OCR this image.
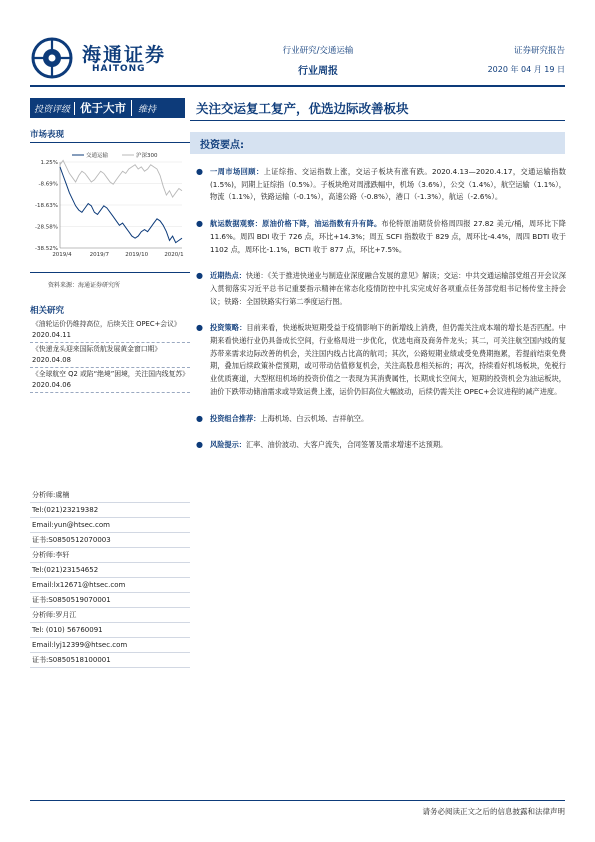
海通证券
HAITONG
行业研究/交通运输
行业周报
证券研究报告
2020 年 04 月 19 日
投资评级 优于大市	维持	关注交运复工复产，优选边际改善板块
市场表现
1.25%
-8.69%
-18.63%
-28.58%
-38.52%
2019/4	2019/7	2019/10	2020/1
交通运输	沪深300
资料来源：海通证券研究所
相关研究
《油轮运价仍维持高位，后续关注 OPEC+会议》2020.04.11
《快递龙头迎来国际货航发展黄金窗口期》2020.04.08
《全球航空 Q2 或陷“绝境”困境，关注国内线复苏》2020.04.06
分析师:虞楠
Tel:(021)23219382
Email:yun@htsec.com
证书:S0850512070003
分析师:李轩
Tel:(021)23154652
Email:lx12671@htsec.com
证书:S0850519070001
分析师:罗月江
Tel: (010) 56760091
Email:lyj12399@htsec.com
证书:S0850518100001
投资要点:
● 一周市场回顾：上证综指、交运指数上涨，交运子板块有涨有跌。2020.4.13—2020.4.17，交通运输指数(1.5%)，同期上证综指（0.5%）。子板块绝对周涨跌幅中，机场（3.6%），公交（1.4%），航空运输（1.1%），物流（1.1%），铁路运输（-0.1%），高速公路（-0.8%），港口（-1.3%），航运（-2.6%）。
● 航运数据观察：原油价格下降，油运指数有升有降。布伦特原油期货价格周四报 27.82 美元/桶，周环比下降 11.6%。周四 BDI 收于 726 点，环比+14.3%；周五 SCFI 指数收于 829 点，周环比-4.4%，周四 BDTI 收于 1102 点，周环比-1.1%，BCTI 收于 877 点，环比+7.5%。
● 近期热点：快递：《关于推进快递业与制造业深度融合发展的意见》解读；交运：中共交通运输部党组召开会议深入贯彻落实习近平总书记重要指示精神在常态化疫情防控中扎实完成好各项重点任务部党组书记杨传堂主持会议；铁路：全国铁路实行第二季度运行图。
● 投资策略：目前来看，快递板块短期受益于疫情影响下的新增线上消费，但仍需关注成本端的增长是否匹配。中期来看快递行业仍具备成长空间，行业格局进一步优化，优选电商及商务件龙头；其二，可关注航空国内线的复苏带来需求边际改善的机会，关注国内线占比高的航司；其次，公路短期业绩或受免费期拖累，若提前结束免费期，叠加后续政策补偿预期，或可带动估值修复机会，关注高股息相关标的；再次，持续看好机场板块，免税行业优质赛道，大型枢纽机场的投资价值之一表现为其消费属性，长期成长空间大，短期的投资机会为油运板块，油价下跌带动储油需求或导致运费上涨，运价仍旧高位大幅波动，后续仍需关注 OPEC+会议进程的减产进度。
● 投资组合推荐：上海机场、白云机场、吉祥航空。
● 风险提示：汇率、油价波动、大客户流失，合同签署及需求增速不达预期。
请务必阅读正文之后的信息披露和法律声明
